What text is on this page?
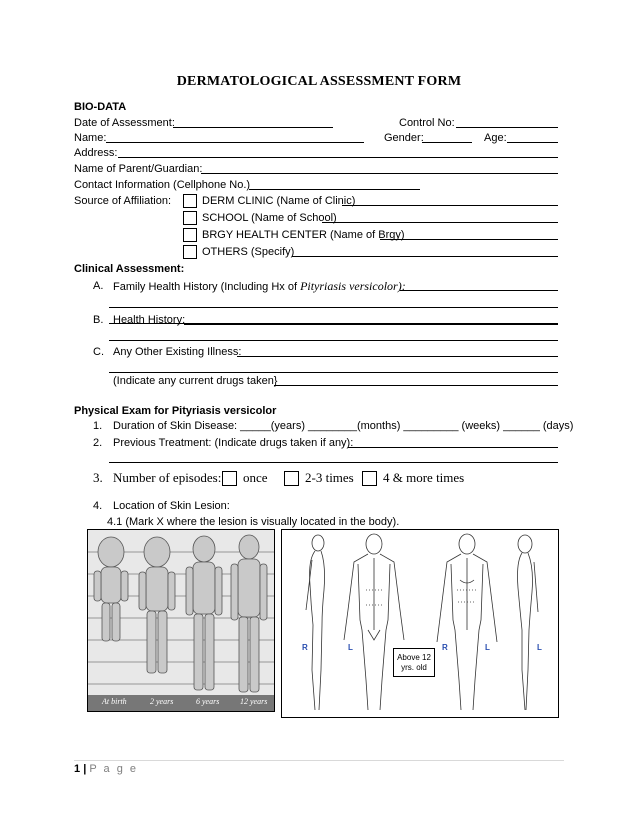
DERMATOLOGICAL ASSESSMENT FORM
BIO-DATA
Date of Assessment:	Control No:
Name:	Gender:	Age:
Address:
Name of Parent/Guardian:
Contact Information (Cellphone No.)
Source of Affiliation:	DERM CLINIC (Name of Clinic)
SCHOOL (Name of School)
BRGY HEALTH CENTER (Name of Brgy)
OTHERS (Specify)
Clinical Assessment:
A. Family Health History (Including Hx of Pityriasis versicolor):
B. Health History:
C. Any Other Existing Illness:
(Indicate any current drugs taken}
Physical Exam for Pityriasis versicolor
1. Duration of Skin Disease: _____(years) ________(months) _________ (weeks) ______ (days)
2. Previous Treatment: (Indicate drugs taken if any):
3. Number of episodes: once	2-3 times 4 & more times
4. Location of Skin Lesion:
4.1 (Mark X where the lesion is visually located in the body).
At birth	2 years	6 years	12 years
R	L	R	L	L
Above 12 yrs. old
1 | P a g e
